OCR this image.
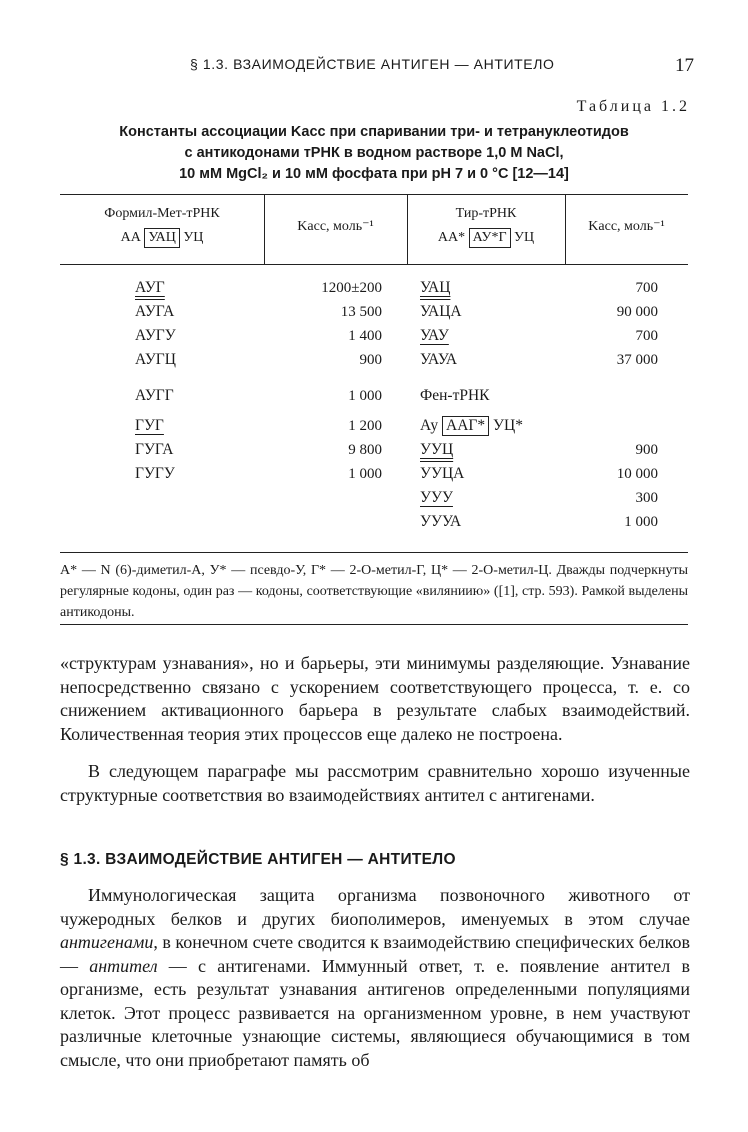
§ 1.3. ВЗАИМОДЕЙСТВИЕ АНТИГЕН — АНТИТЕЛО	17
Таблица 1.2
Константы ассоциации Kасс при спаривании три- и тетрануклеотидов
с антикодонами тРНК в водном растворе 1,0 М NaCl,
10 мМ MgCl₂ и 10 мМ фосфата при рН 7 и 0 °С [12—14]
Формил-Мет-тРНК
АА УАЦ УЦ
Kасс, моль⁻¹
Тир-тРНК
АА* АУ*Г УЦ
Kасс, моль⁻¹
АУГ
АУГА
АУГУ
АУГЦ
АУГГ
ГУГ
ГУГА
ГУГУ
1200±200
13 500
1 400
900
1 000
1 200
9 800
1 000
УАЦ
УАЦА
УАУ
УАУА
Фен-тРНК
Ау ААГ* УЦ*
УУЦ
УУЦА
УУУ
УУУА
700
90 000
700
37 000

900
10 000
300
1 000
А* — N (6)-диметил-А, У* — псевдо-У, Г* — 2-О-метил-Г, Ц* — 2-О-метил-Ц. Дважды подчеркнуты регулярные кодоны, один раз — кодоны, соответствующие «виляниию» ([1], стр. 593). Рамкой выделены антикодоны.
«структурам узнавания», но и барьеры, эти минимумы разделяющие. Узнавание непосредственно связано с ускорением соответствующего процесса, т. е. со снижением активационного барьера в результате слабых взаимодействий. Количественная теория этих процессов еще далеко не построена.
В следующем параграфе мы рассмотрим сравнительно хорошо изученные структурные соответствия во взаимодействиях антител с антигенами.
§ 1.3. ВЗАИМОДЕЙСТВИЕ АНТИГЕН — АНТИТЕЛО
Иммунологическая защита организма позвоночного животного от чужеродных белков и других биополимеров, именуемых в этом случае антигенами, в конечном счете сводится к взаимодействию специфических белков — антител — с антигенами. Иммунный ответ, т. е. появление антител в организме, есть результат узнавания антигенов определенными популяциями клеток. Этот процесс развивается на организменном уровне, в нем участвуют различные клеточные узнающие системы, являющиеся обучающимися в том смысле, что они приобретают память об
